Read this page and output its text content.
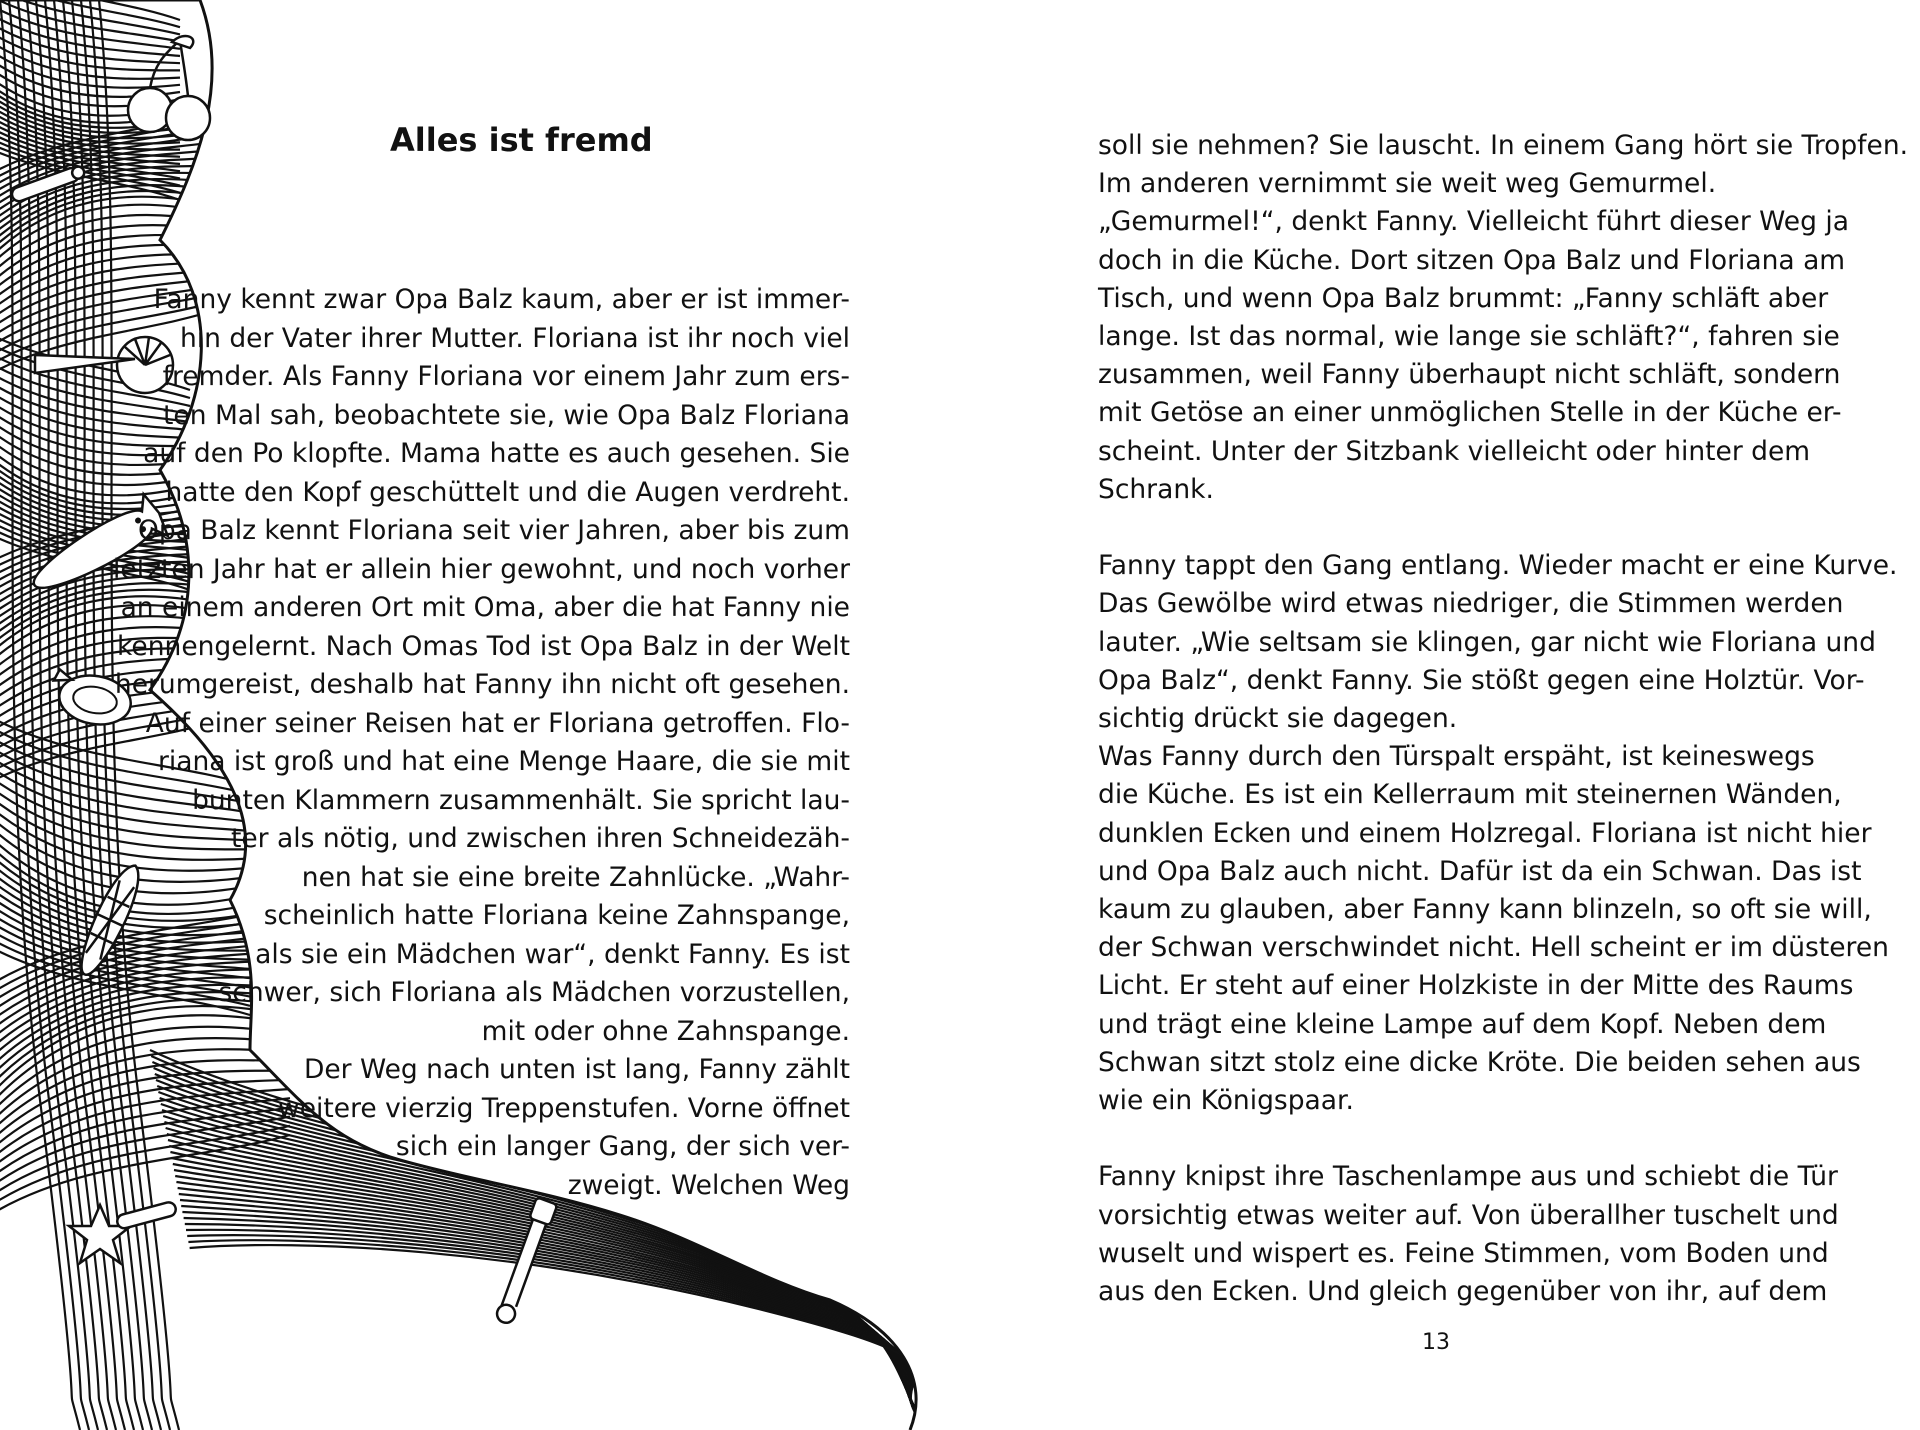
Alles ist fremd
Fanny kennt zwar Opa Balz kaum, aber er ist immer-
hin der Vater ihrer Mutter. Floriana ist ihr noch viel
fremder. Als Fanny Floriana vor einem Jahr zum ers-
ten Mal sah, beobachtete sie, wie Opa Balz Floriana
auf den Po klopfte. Mama hatte es auch gesehen. Sie
hatte den Kopf geschüttelt und die Augen verdreht.
Opa Balz kennt Floriana seit vier Jahren, aber bis zum
letzten Jahr hat er allein hier gewohnt, und noch vorher
an einem anderen Ort mit Oma, aber die hat Fanny nie
kennengelernt. Nach Omas Tod ist Opa Balz in der Welt
herumgereist, deshalb hat Fanny ihn nicht oft gesehen.
Auf einer seiner Reisen hat er Floriana getroffen. Flo-
riana ist groß und hat eine Menge Haare, die sie mit
bunten Klammern zusammenhält. Sie spricht lau-
ter als nötig, und zwischen ihren Schneidezäh-
nen hat sie eine breite Zahnlücke. „Wahr-
scheinlich hatte Floriana keine Zahnspange,
als sie ein Mädchen war“, denkt Fanny. Es ist
schwer, sich Floriana als Mädchen vorzustellen,
mit oder ohne Zahnspange.
Der Weg nach unten ist lang, Fanny zählt
weitere vierzig Treppenstufen. Vorne öffnet
sich ein langer Gang, der sich ver-
zweigt. Welchen Weg
soll sie nehmen? Sie lauscht. In einem Gang hört sie Tropfen.
Im anderen vernimmt sie weit weg Gemurmel.
„Gemurmel!“, denkt Fanny. Vielleicht führt dieser Weg ja
doch in die Küche. Dort sitzen Opa Balz und Floriana am
Tisch, und wenn Opa Balz brummt: „Fanny schläft aber
lange. Ist das normal, wie lange sie schläft?“, fahren sie
zusammen, weil Fanny überhaupt nicht schläft, sondern
mit Getöse an einer unmöglichen Stelle in der Küche er-
scheint. Unter der Sitzbank vielleicht oder hinter dem
Schrank.
Fanny tappt den Gang entlang. Wieder macht er eine Kurve.
Das Gewölbe wird etwas niedriger, die Stimmen werden
lauter. „Wie seltsam sie klingen, gar nicht wie Floriana und
Opa Balz“, denkt Fanny. Sie stößt gegen eine Holztür. Vor-
sichtig drückt sie dagegen.
Was Fanny durch den Türspalt erspäht, ist keineswegs
die Küche. Es ist ein Kellerraum mit steinernen Wänden,
dunklen Ecken und einem Holzregal. Floriana ist nicht hier
und Opa Balz auch nicht. Dafür ist da ein Schwan. Das ist
kaum zu glauben, aber Fanny kann blinzeln, so oft sie will,
der Schwan verschwindet nicht. Hell scheint er im düsteren
Licht. Er steht auf einer Holzkiste in der Mitte des Raums
und trägt eine kleine Lampe auf dem Kopf. Neben dem
Schwan sitzt stolz eine dicke Kröte. Die beiden sehen aus
wie ein Königspaar.
Fanny knipst ihre Taschenlampe aus und schiebt die Tür
vorsichtig etwas weiter auf. Von überallher tuschelt und
wuselt und wispert es. Feine Stimmen, vom Boden und
aus den Ecken. Und gleich gegenüber von ihr, auf dem
13
